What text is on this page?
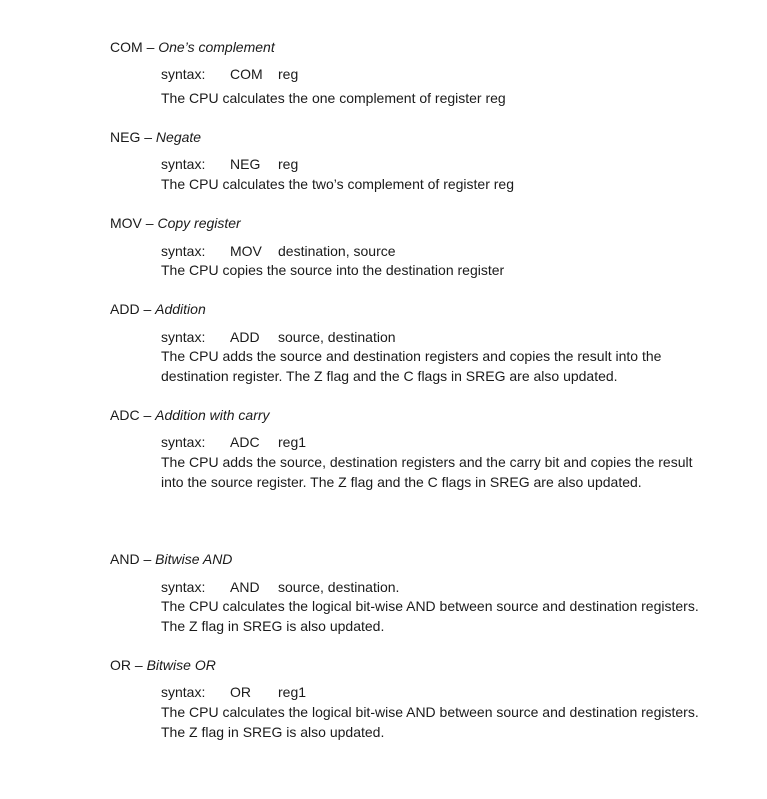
COM – One’s complement
syntax: COM reg
The CPU calculates the one complement of register reg
NEG – Negate
syntax: NEG reg
The CPU calculates the two’s complement of register reg
MOV – Copy register
syntax: MOV destination, source
The CPU copies the source into the destination register
ADD – Addition
syntax: ADD source, destination
The CPU adds the source and destination registers and copies the result into the destination register. The Z flag and the C flags in SREG are also updated.
ADC – Addition with carry
syntax: ADC reg1
The CPU adds the source, destination registers and the carry bit and copies the result into the source register. The Z flag and the C flags in SREG are also updated.
AND – Bitwise AND
syntax: AND source, destination.
The CPU calculates the logical bit-wise AND between source and destination registers. The Z flag in SREG is also updated.
OR – Bitwise OR
syntax: OR reg1
The CPU calculates the logical bit-wise AND between source and destination registers. The Z flag in SREG is also updated.
